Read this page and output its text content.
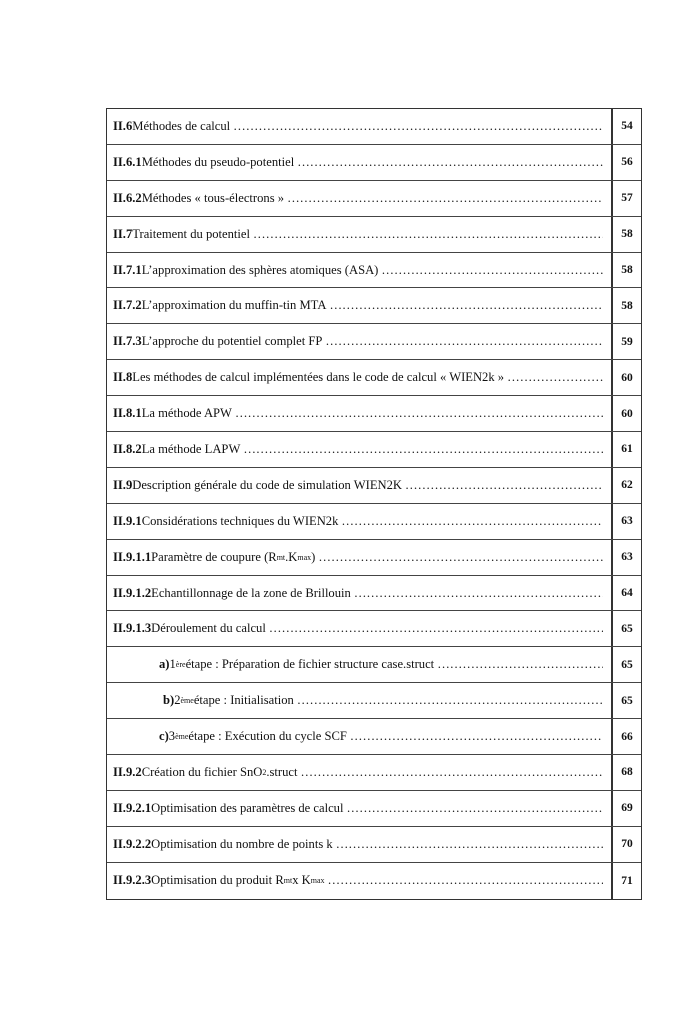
II.6 Méthodes de calcul …………………………………………………………………………………………………………………………	54
II.6.1 Méthodes du pseudo-potentiel …………………………………………………………………………………………………………………………	56
II.6.2 Méthodes « tous-électrons » …………………………………………………………………………………………………………………………	57
II.7 Traitement du potentiel …………………………………………………………………………………………………………………………	58
II.7.1 L’approximation des sphères atomiques (ASA) …………………………………………………………………………………………………………………………	58
II.7.2 L’approximation du muffin-tin MTA …………………………………………………………………………………………………………………………	58
II.7.3 L’approche du potentiel complet FP …………………………………………………………………………………………………………………………	59
II.8 Les méthodes de calcul implémentées dans le code de calcul « WIEN2k » …………………………………………………………………………………………………………………………	60
II.8.1 La méthode APW …………………………………………………………………………………………………………………………	60
II.8.2 La méthode LAPW …………………………………………………………………………………………………………………………	61
II.9 Description générale du code de simulation WIEN2K …………………………………………………………………………………………………………………………	62
II.9.1 Considérations techniques du WIEN2k …………………………………………………………………………………………………………………………	63
II.9.1.1 Paramètre de coupure (R mt .K max ) …………………………………………………………………………………………………………………………	63
II.9.1.2 Echantillonnage de la zone de Brillouin …………………………………………………………………………………………………………………………	64
II.9.1.3 Déroulement du calcul …………………………………………………………………………………………………………………………	65
a) 1 ère étape : Préparation de fichier structure case.struct …………………………………………………………………………………………………………………………	65
b) 2 ème étape : Initialisation …………………………………………………………………………………………………………………………	65
c) 3 ème étape : Exécution du cycle SCF …………………………………………………………………………………………………………………………	66
II.9.2 Création du fichier SnO 2 .struct …………………………………………………………………………………………………………………………	68
II.9.2.1 Optimisation des paramètres de calcul …………………………………………………………………………………………………………………………	69
II.9.2.2 Optimisation du nombre de points k …………………………………………………………………………………………………………………………	70
II.9.2.3 Optimisation du produit R mt x K max …………………………………………………………………………………………………………………………	71
